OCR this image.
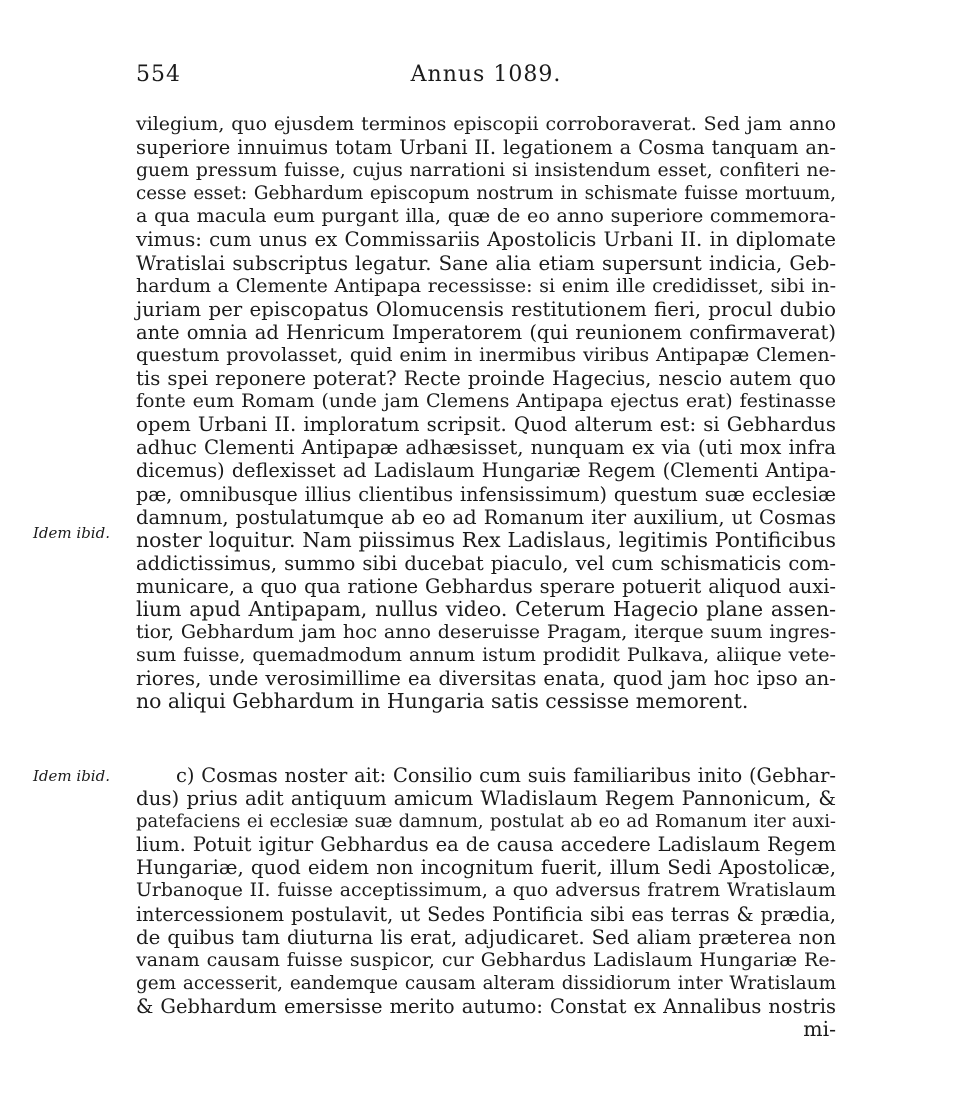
554	Annus 1089.
Idem ibid.
Idem ibid.
vilegium, quo ejusdem terminos episcopii corroboraverat. Sed jam anno
superiore innuimus totam Urbani II. legationem a Cosma tanquam an-
guem pressum fuisse, cujus narrationi si insistendum esset, confiteri ne-
cesse esset: Gebhardum episcopum nostrum in schismate fuisse mortuum,
a qua macula eum purgant illa, quæ de eo anno superiore commemora-
vimus: cum unus ex Commissariis Apostolicis Urbani II. in diplomate
Wratislai subscriptus legatur. Sane alia etiam supersunt indicia, Geb-
hardum a Clemente Antipapa recessisse: si enim ille credidisset, sibi in-
juriam per episcopatus Olomucensis restitutionem fieri, procul dubio
ante omnia ad Henricum Imperatorem (qui reunionem confirmaverat)
questum provolasset, quid enim in inermibus viribus Antipapæ Clemen-
tis spei reponere poterat? Recte proinde Hagecius, nescio autem quo
fonte eum Romam (unde jam Clemens Antipapa ejectus erat) festinasse
opem Urbani II. imploratum scripsit. Quod alterum est: si Gebhardus
adhuc Clementi Antipapæ adhæsisset, nunquam ex via (uti mox infra
dicemus) deflexisset ad Ladislaum Hungariæ Regem (Clementi Antipa-
pæ, omnibusque illius clientibus infensissimum) questum suæ ecclesiæ
damnum, postulatumque ab eo ad Romanum iter auxilium, ut Cosmas
noster loquitur. Nam piissimus Rex Ladislaus, legitimis Pontificibus
addictissimus, summo sibi ducebat piaculo, vel cum schismaticis com-
municare, a quo qua ratione Gebhardus sperare potuerit aliquod auxi-
lium apud Antipapam, nullus video. Ceterum Hagecio plane assen-
tior, Gebhardum jam hoc anno deseruisse Pragam, iterque suum ingres-
sum fuisse, quemadmodum annum istum prodidit Pulkava, aliique vete-
riores, unde verosimillime ea diversitas enata, quod jam hoc ipso an-
no aliqui Gebhardum in Hungaria satis cessisse memorent.
c) Cosmas noster ait: Consilio cum suis familiaribus inito (Gebhar-
dus) prius adit antiquum amicum Wladislaum Regem Pannonicum, &
patefaciens ei ecclesiæ suæ damnum, postulat ab eo ad Romanum iter auxi-
lium. Potuit igitur Gebhardus ea de causa accedere Ladislaum Regem
Hungariæ, quod eidem non incognitum fuerit, illum Sedi Apostolicæ,
Urbanoque II. fuisse acceptissimum, a quo adversus fratrem Wratislaum
intercessionem postulavit, ut Sedes Pontificia sibi eas terras & prædia,
de quibus tam diuturna lis erat, adjudicaret. Sed aliam præterea non
vanam causam fuisse suspicor, cur Gebhardus Ladislaum Hungariæ Re-
gem accesserit, eandemque causam alteram dissidiorum inter Wratislaum
& Gebhardum emersisse merito autumo: Constat ex Annalibus nostris
mi-
